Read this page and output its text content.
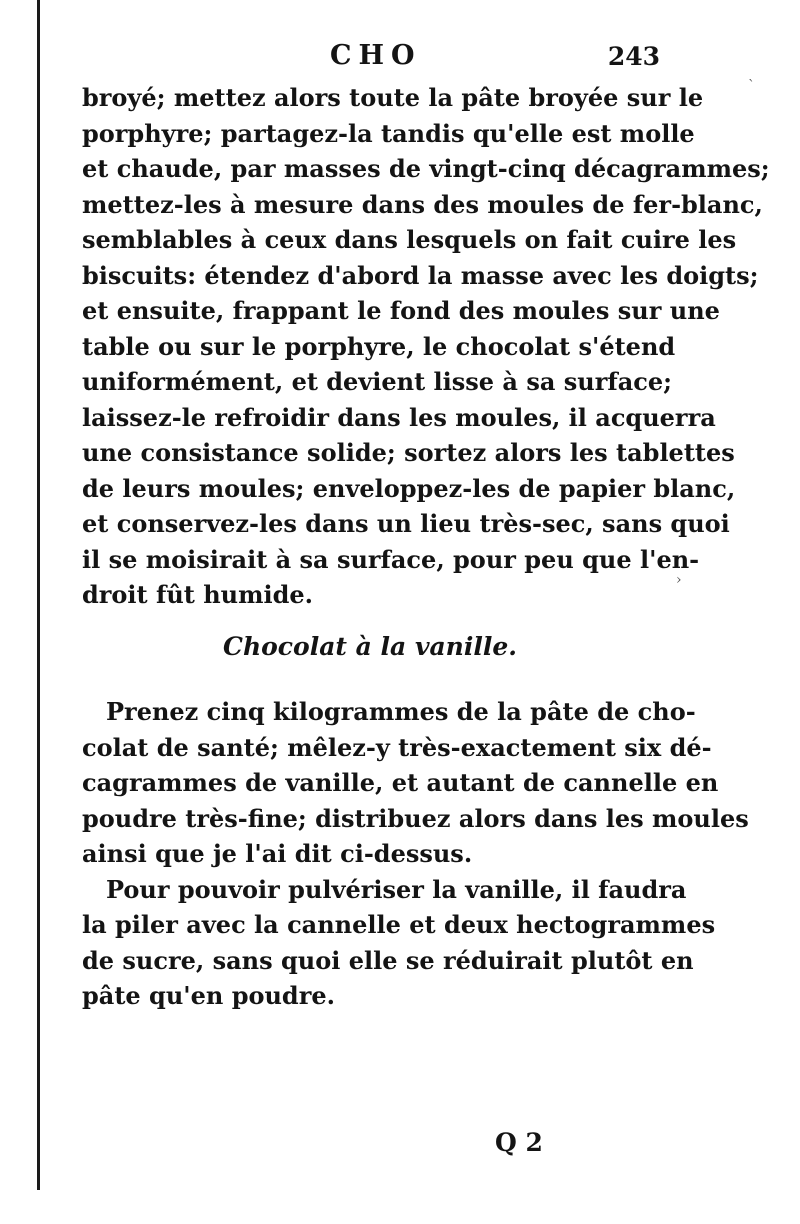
CHO	243
broyé; mettez alors toute la pâte broyée sur le
porphyre; partagez-la tandis qu'elle est molle
et chaude, par masses de vingt-cinq décagrammes;
mettez-les à mesure dans des moules de fer-blanc,
semblables à ceux dans lesquels on fait cuire les
biscuits: étendez d'abord la masse avec les doigts;
et ensuite, frappant le fond des moules sur une
table ou sur le porphyre, le chocolat s'étend
uniformément, et devient lisse à sa surface;
laissez-le refroidir dans les moules, il acquerra
une consistance solide; sortez alors les tablettes
de leurs moules; enveloppez-les de papier blanc,
et conservez-les dans un lieu très-sec, sans quoi
il se moisirait à sa surface, pour peu que l'en-
droit fût humide.
Chocolat à la vanille.
Prenez cinq kilogrammes de la pâte de cho-
colat de santé; mêlez-y très-exactement six dé-
cagrammes de vanille, et autant de cannelle en
poudre très-fine; distribuez alors dans les moules
ainsi que je l'ai dit ci-dessus.
Pour pouvoir pulvériser la vanille, il faudra
la piler avec la cannelle et deux hectogrammes
de sucre, sans quoi elle se réduirait plutôt en
pâte qu'en poudre.
Q 2
›
ˋ
